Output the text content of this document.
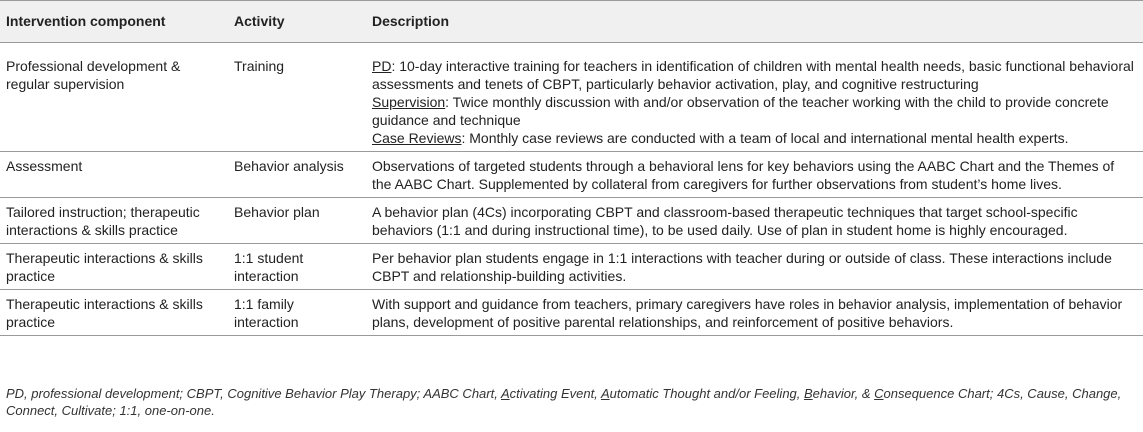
Intervention component	Activity	Description
Professional development & regular supervision	Training	PD: 10-day interactive training for teachers in identification of children with mental health needs, basic functional behavioral assessments and tenets of CBPT, particularly behavior activation, play, and cognitive restructuring
Supervision: Twice monthly discussion with and/or observation of the teacher working with the child to provide concrete guidance and technique
Case Reviews: Monthly case reviews are conducted with a team of local and international mental health experts.

Assessment	Behavior analysis	Observations of targeted students through a behavioral lens for key behaviors using the AABC Chart and the Themes of the AABC Chart. Supplemented by collateral from caregivers for further observations from student’s home lives.
Tailored instruction; therapeutic interactions & skills practice	Behavior plan	A behavior plan (4Cs) incorporating CBPT and classroom-based therapeutic techniques that target school-specific behaviors (1:1 and during instructional time), to be used daily. Use of plan in student home is highly encouraged.
Therapeutic interactions & skills practice	1:1 student interaction	Per behavior plan students engage in 1:1 interactions with teacher during or outside of class. These interactions include CBPT and relationship-building activities.
Therapeutic interactions & skills practice	1:1 family interaction	With support and guidance from teachers, primary caregivers have roles in behavior analysis, implementation of behavior plans, development of positive parental relationships, and reinforcement of positive behaviors.
PD, professional development; CBPT, Cognitive Behavior Play Therapy; AABC Chart, Activating Event, Automatic Thought and/or Feeling, Behavior, & Consequence Chart; 4Cs, Cause, Change, Connect, Cultivate; 1:1, one-on-one.
